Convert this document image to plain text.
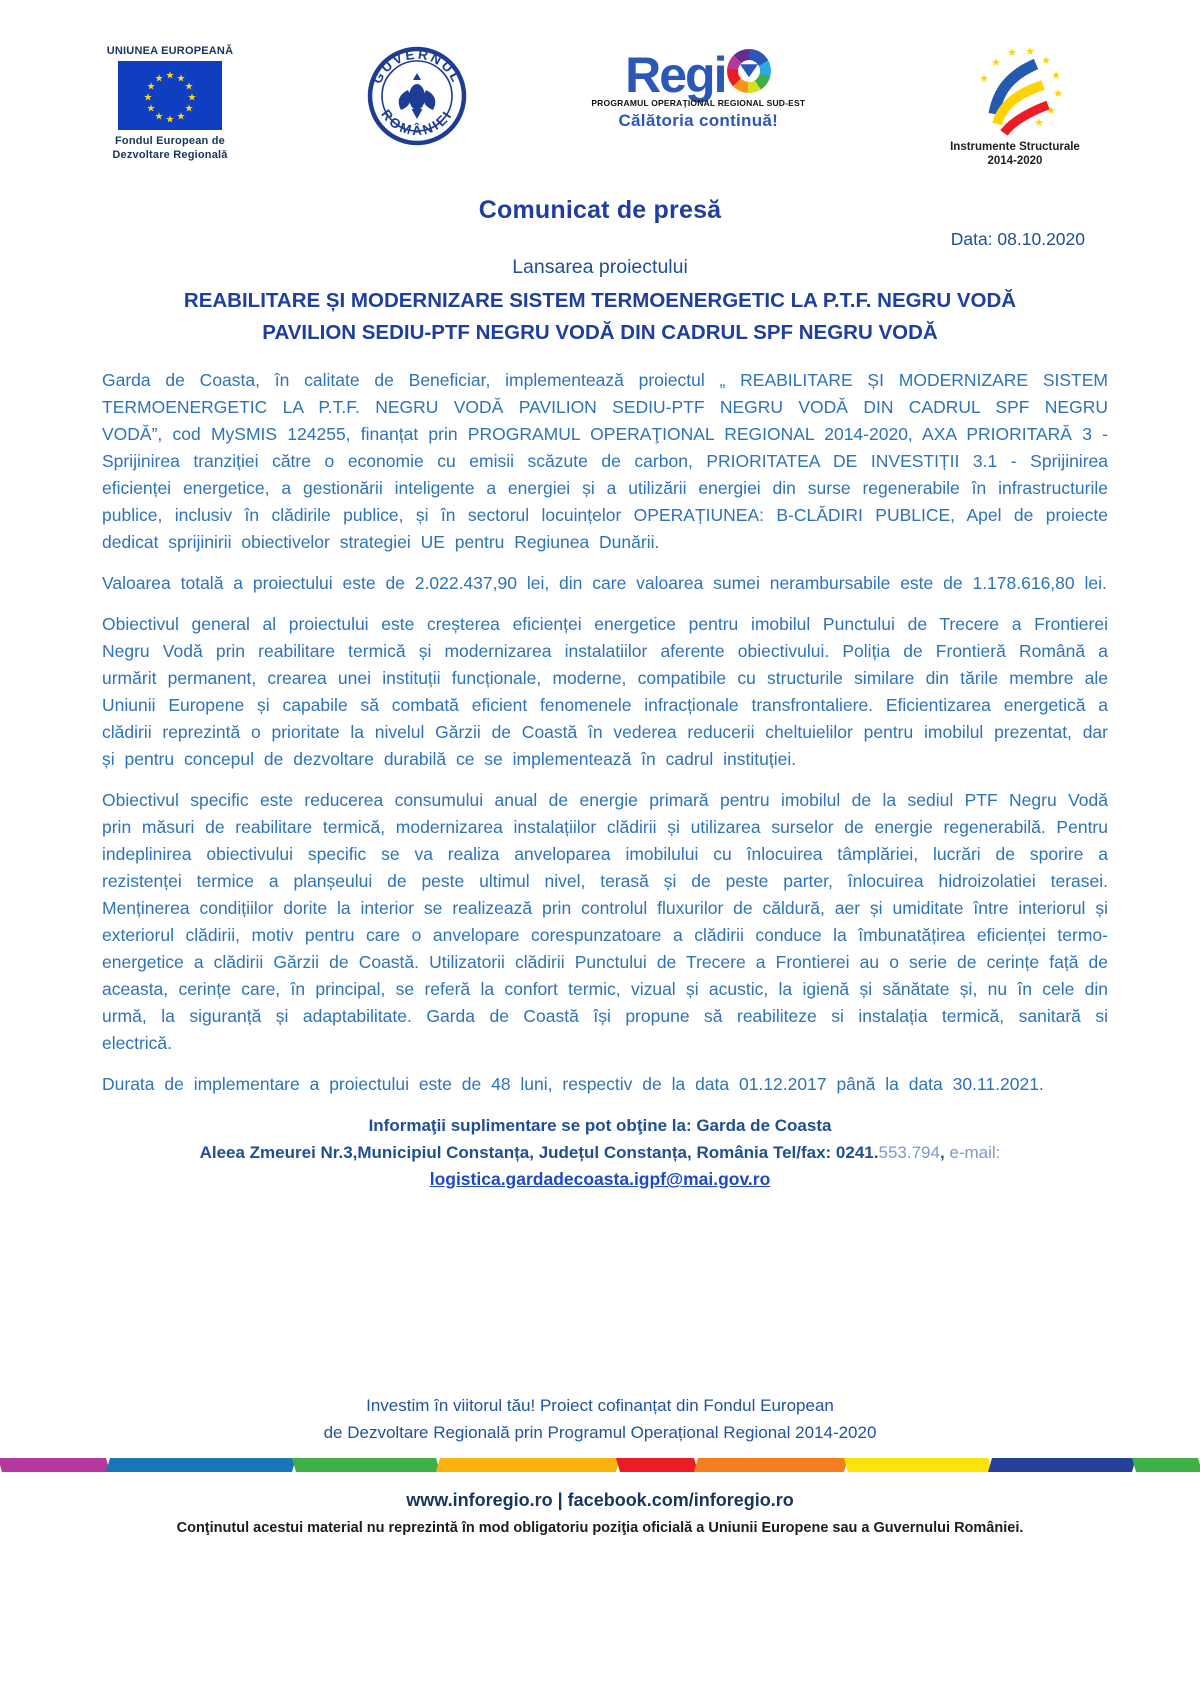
UNIUNEA EUROPEANĂ
★ ★
★
★
★
★
★
★
★
★
★
★
Fondul European de
Dezvoltare Regională
GUVERNUL
ROMÂNIEI
Regi
PROGRAMUL OPERAŢIONAL REGIONAL SUD-EST
Călătoria continuă!
★
★ ★
★
★
★
★
★
★
Instrumente Structurale
2014-2020
Comunicat de presă
Data: 08.10.2020
Lansarea proiectului
REABILITARE ȘI MODERNIZARE SISTEM TERMOENERGETIC LA P.T.F. NEGRU VODĂ
PAVILION SEDIU-PTF NEGRU VODĂ DIN CADRUL SPF NEGRU VODĂ

Garda de Coasta, în calitate de Beneficiar, implementează proiectul „ REABILITARE ȘI MODERNIZARE SISTEM TERMOENERGETIC LA P.T.F. NEGRU VODĂ PAVILION SEDIU-PTF NEGRU VODĂ DIN CADRUL SPF NEGRU VODĂ”, cod MySMIS 124255, finanțat prin PROGRAMUL OPERAŢIONAL REGIONAL 2014-2020, AXA PRIORITARĂ 3 - Sprijinirea tranziției către o economie cu emisii scăzute de carbon, PRIORITATEA DE INVESTIȚII 3.1 - Sprijinirea eficienței energetice, a gestionării inteligente a energiei și a utilizării energiei din surse regenerabile în infrastructurile publice, inclusiv în clădirile publice, și în sectorul locuințelor OPERAȚIUNEA: B-CLĂDIRI PUBLICE, Apel de proiecte dedicat sprijinirii obiectivelor strategiei UE pentru Regiunea Dunării.

Valoarea totală a proiectului este de 2.022.437,90 lei, din care valoarea sumei nerambursabile este de 1.178.616,80 lei.

Obiectivul general al proiectului este creșterea eficienței energetice pentru imobilul Punctului de Trecere a Frontierei Negru Vodă prin reabilitare termică și modernizarea instalatiilor aferente obiectivului. Poliția de Frontieră Română a urmărit permanent, crearea unei instituții funcționale, moderne, compatibile cu structurile similare din tările membre ale Uniunii Europene și capabile să combată eficient fenomenele infracționale transfrontaliere. Eficientizarea energetică a clădirii reprezintă o prioritate la nivelul Gărzii de Coastă în vederea reducerii cheltuielilor pentru imobilul prezentat, dar și pentru concepul de dezvoltare durabilă ce se implementează în cadrul instituției.

Obiectivul specific este reducerea consumului anual de energie primară pentru imobilul de la sediul PTF Negru Vodă prin măsuri de reabilitare termică, modernizarea instalațiilor clădirii și utilizarea surselor de energie regenerabilă. Pentru indeplinirea obiectivului specific se va realiza anveloparea imobilului cu înlocuirea tâmplăriei, lucrări de sporire a rezistenței termice a planșeului de peste ultimul nivel, terasă și de peste parter, înlocuirea hidroizolatiei terasei. Menținerea condițiilor dorite la interior se realizează prin controlul fluxurilor de căldură, aer și umiditate între interiorul și exteriorul clădirii, motiv pentru care o anvelopare corespunzatoare a clădirii conduce la îmbunatățirea eficienței termo-energetice a clădirii Gărzii de Coastă. Utilizatorii clădirii Punctului de Trecere a Frontierei au o serie de cerințe față de aceasta, cerințe care, în principal, se referă la confort termic, vizual și acustic, la igienă și sănătate și, nu în cele din urmă, la siguranță și adaptabilitate. Garda de Coastă își propune să reabiliteze si instalația termică, sanitară si electrică.

Durata de implementare a proiectului este de 48 luni, respectiv de la data 01.12.2017 până la data 30.11.2021.

Informaţii suplimentare se pot obţine la: Garda de Coasta
Aleea Zmeurei Nr.3,Municipiul Constanța, Județul Constanța, România Tel/fax: 0241.553.794, e-mail:
logistica.gardadecoasta.igpf@mai.gov.ro
Investim în viitorul tău! Proiect cofinanțat din Fondul European
de Dezvoltare Regională prin Programul Operațional Regional 2014-2020
www.inforegio.ro | facebook.com/inforegio.ro
Conţinutul acestui material nu reprezintă în mod obligatoriu poziţia oficială a Uniunii Europene sau a Guvernului României.
